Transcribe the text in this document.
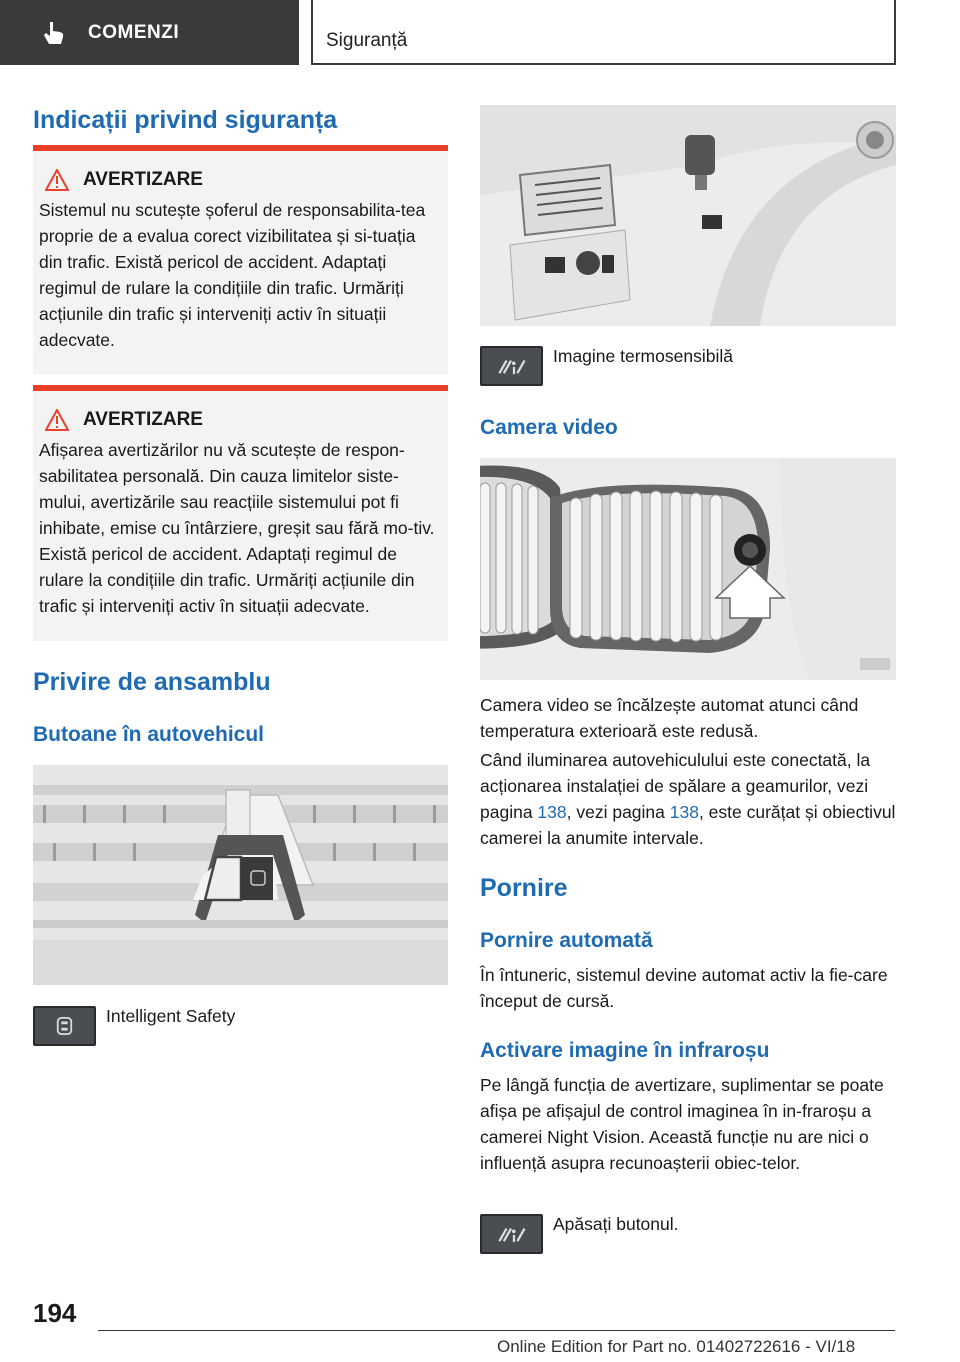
COMENZI	Siguranță
Indicații privind siguranța
AVERTIZARE

Sistemul nu scutește șoferul de responsabilita-tea proprie de a evalua corect vizibilitatea și si-tuația din trafic. Există pericol de accident. Adaptați regimul de rulare la condițiile din trafic. Urmăriți acțiunile din trafic și interveniți activ în situații adecvate.

AVERTIZARE

Afișarea avertizărilor nu vă scutește de respon-sabilitatea personală. Din cauza limitelor siste-mului, avertizările sau reacțiile sistemului pot fi inhibate, emise cu întârziere, greșit sau fără mo-tiv. Există pericol de accident. Adaptați regimul de rulare la condițiile din trafic. Urmăriți acțiunile din trafic și interveniți activ în situații adecvate.

Privire de ansamblu
Butoane în autovehicul
Intelligent Safety
Imagine termosensibilă
Camera video
Camera video se încălzește automat atunci când temperatura exterioară este redusă.
Când iluminarea autovehiculului este conectată, la acționarea instalației de spălare a geamurilor, vezi pagina 138, vezi pagina 138, este curățat și obiectivul camerei la anumite intervale.
Pornire
Pornire automată
În întuneric, sistemul devine automat activ la fie-care început de cursă.
Activare imagine în infraroșu
Pe lângă funcția de avertizare, suplimentar se poate afișa pe afișajul de control imaginea în in-fraroșu a camerei Night Vision. Această funcție nu are nici o influență asupra recunoașterii obiec-telor.
Apăsați butonul.
194
Online Edition for Part no. 01402722616 - VI/18
